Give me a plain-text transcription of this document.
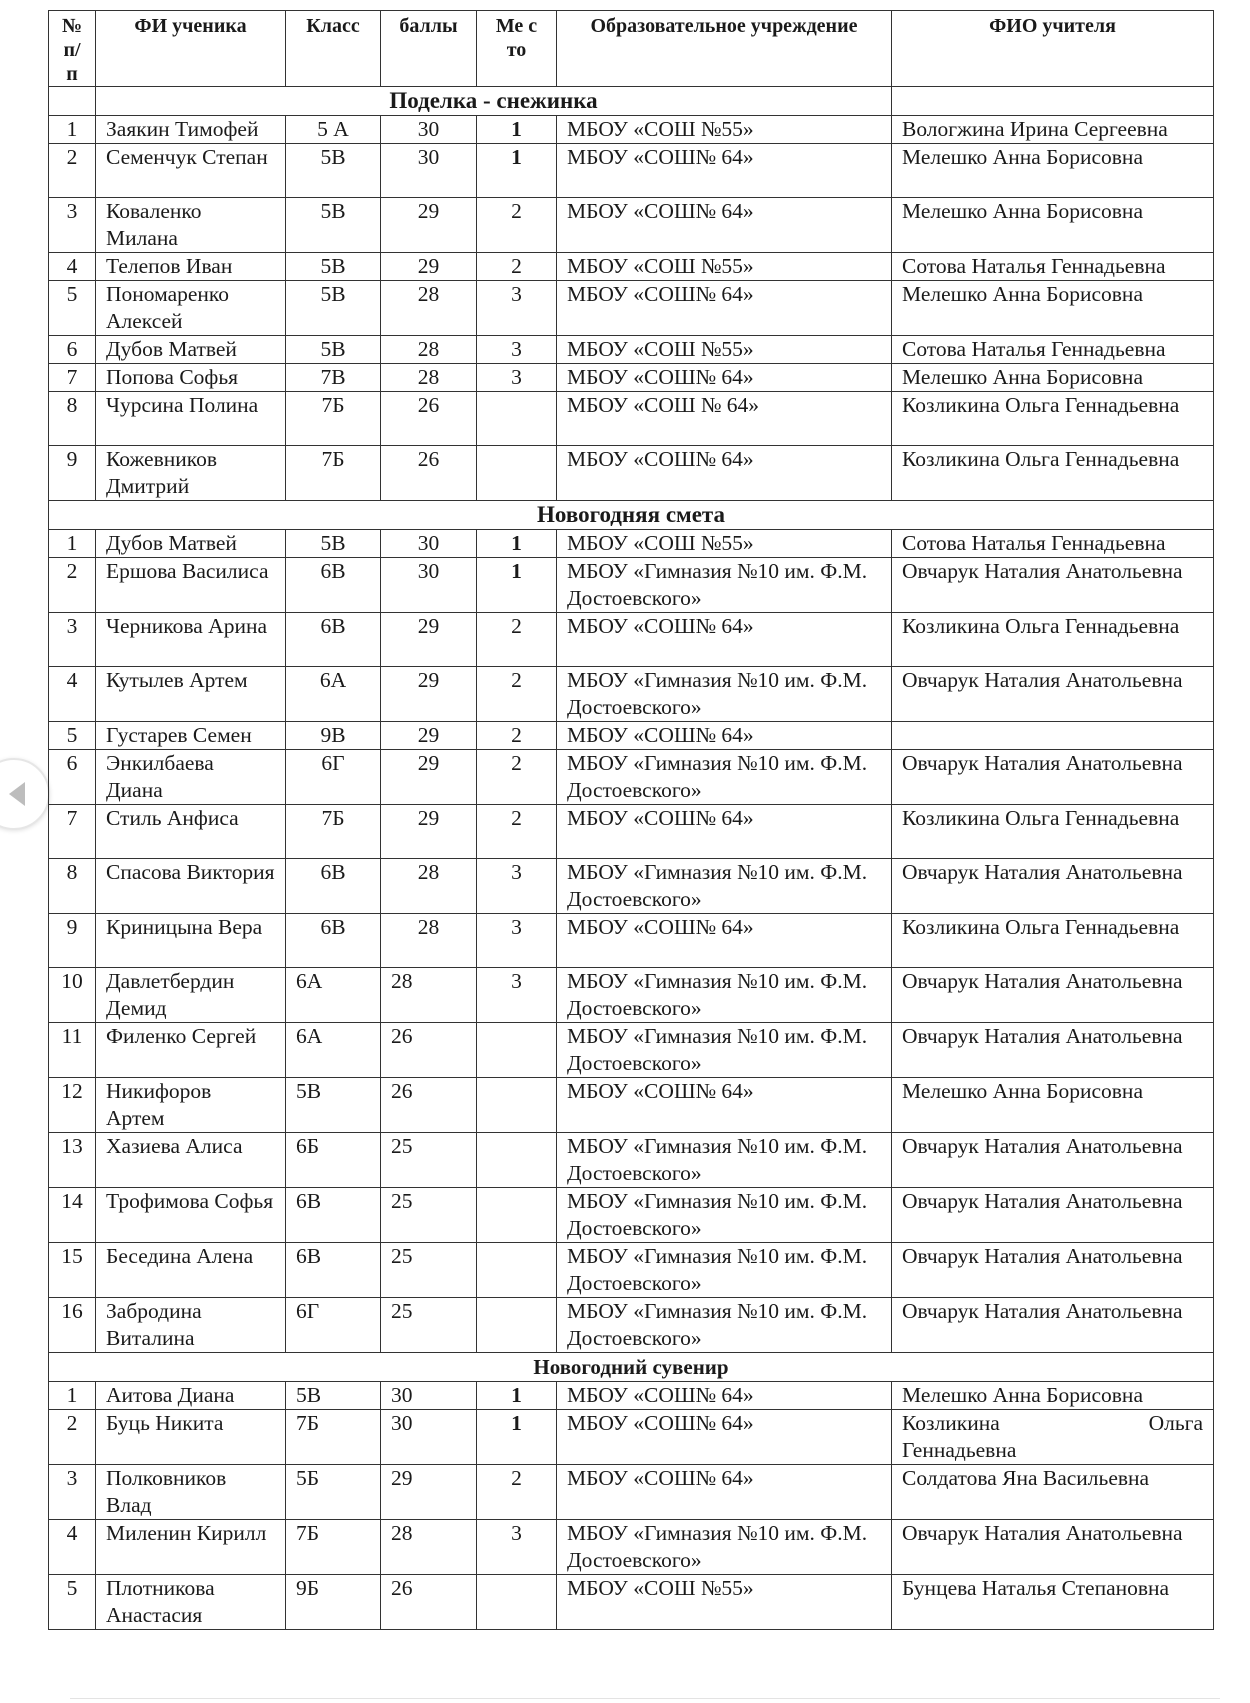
№ п/п	ФИ ученика	Класс	баллы	Ме с то	Образовательное учреждение	ФИО учителя
	Поделка - снежинка					
1	Заякин Тимофей	5 А	30	1	МБОУ «СОШ №55»	Вологжина Ирина Сергеевна
2	Семенчук Степан	5В	30	1	МБОУ «СОШ№ 64»	Мелешко Анна Борисовна
3	Коваленко Милана	5В	29	2	МБОУ «СОШ№ 64»	Мелешко Анна Борисовна
4	Телепов Иван	5В	29	2	МБОУ «СОШ №55»	Сотова Наталья Геннадьевна
5	Пономаренко Алексей	5В	28	3	МБОУ «СОШ№ 64»	Мелешко Анна Борисовна
6	Дубов Матвей	5В	28	3	МБОУ «СОШ №55»	Сотова Наталья Геннадьевна
7	Попова Софья	7В	28	3	МБОУ «СОШ№ 64»	Мелешко Анна Борисовна
8	Чурсина Полина	7Б	26		МБОУ «СОШ № 64»	Козликина Ольга Геннадьевна
9	Кожевников Дмитрий	7Б	26		МБОУ «СОШ№ 64»	Козликина Ольга Геннадьевна
Новогодняя смета						
1	Дубов Матвей	5В	30	1	МБОУ «СОШ №55»	Сотова Наталья Геннадьевна
2	Ершова Василиса	6В	30	1	МБОУ «Гимназия №10 им. Ф.М. Достоевского»	Овчарук Наталия Анатольевна
3	Черникова Арина	6В	29	2	МБОУ «СОШ№ 64»	Козликина Ольга Геннадьевна
4	Кутылев Артем	6А	29	2	МБОУ «Гимназия №10 им. Ф.М. Достоевского»	Овчарук Наталия Анатольевна
5	Густарев Семен	9В	29	2	МБОУ «СОШ№ 64»	
6	Энкилбаева Диана	6Г	29	2	МБОУ «Гимназия №10 им. Ф.М. Достоевского»	Овчарук Наталия Анатольевна
7	Стиль Анфиса	7Б	29	2	МБОУ «СОШ№ 64»	Козликина Ольга Геннадьевна
8	Спасова Виктория	6В	28	3	МБОУ «Гимназия №10 им. Ф.М. Достоевского»	Овчарук Наталия Анатольевна
9	Криницына Вера	6В	28	3	МБОУ «СОШ№ 64»	Козликина Ольга Геннадьевна
10	Давлетбердин Демид	6А	28	3	МБОУ «Гимназия №10 им. Ф.М. Достоевского»	Овчарук Наталия Анатольевна
11	Филенко Сергей	6А	26		МБОУ «Гимназия №10 им. Ф.М. Достоевского»	Овчарук Наталия Анатольевна
12	Никифоров Артем	5В	26		МБОУ «СОШ№ 64»	Мелешко Анна Борисовна
13	Хазиева Алиса	6Б	25		МБОУ «Гимназия №10 им. Ф.М. Достоевского»	Овчарук Наталия Анатольевна
14	Трофимова Софья	6В	25		МБОУ «Гимназия №10 им. Ф.М. Достоевского»	Овчарук Наталия Анатольевна
15	Беседина Алена	6В	25		МБОУ «Гимназия №10 им. Ф.М. Достоевского»	Овчарук Наталия Анатольевна
16	Забродина Виталина	6Г	25		МБОУ «Гимназия №10 им. Ф.М. Достоевского»	Овчарук Наталия Анатольевна
Новогодний сувенир						
1	Аитова Диана	5В	30	1	МБОУ «СОШ№ 64»	Мелешко Анна Борисовна
2	Буць Никита	7Б	30	1	МБОУ «СОШ№ 64»	Козликина Ольга
Геннадьевна

3	Полковников Влад	5Б	29	2	МБОУ «СОШ№ 64»	Солдатова Яна Васильевна
4	Миленин Кирилл	7Б	28	3	МБОУ «Гимназия №10 им. Ф.М. Достоевского»	Овчарук Наталия Анатольевна
5	Плотникова Анастасия	9Б	26		МБОУ «СОШ №55»	Бунцева Наталья Степановна
